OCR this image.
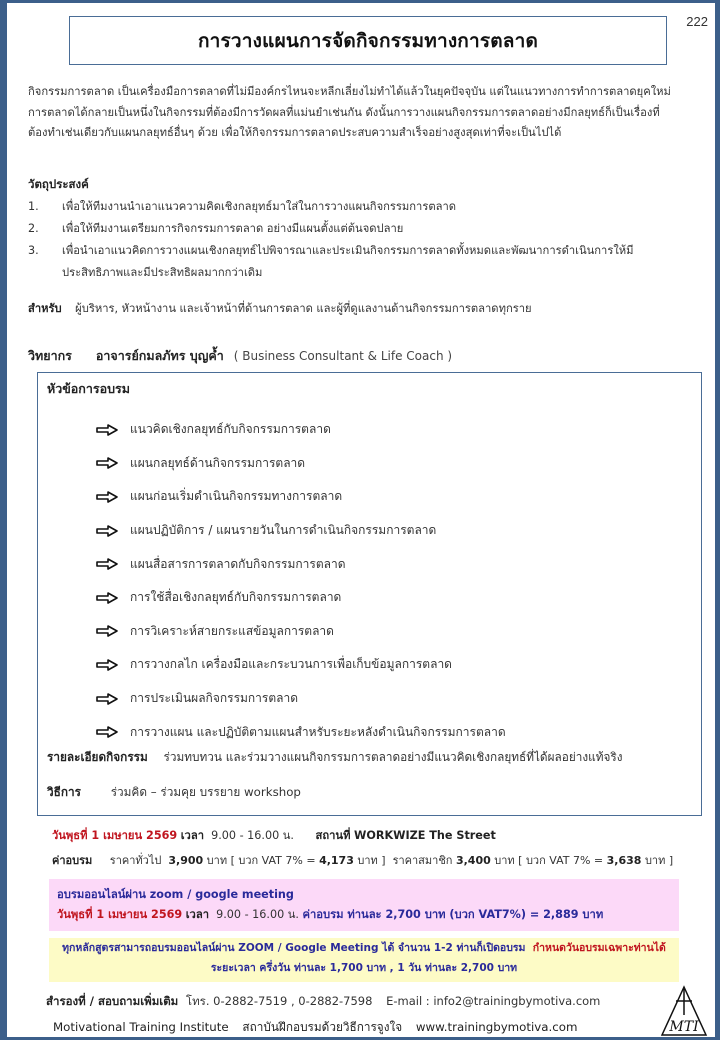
222
การวางแผนการจัดกิจกรรมทางการตลาด
กิจกรรมการตลาด เป็นเครื่องมือการตลาดที่ไม่มีองค์กรไหนจะหลีกเลี่ยงไม่ทำได้แล้วในยุคปัจจุบัน แต่ในแนวทางการทำการตลาดยุคใหม่
การตลาดได้กลายเป็นหนึ่งในกิจกรรมที่ต้องมีการวัดผลที่แม่นยำเช่นกัน ดังนั้นการวางแผนกิจกรรมการตลาดอย่างมีกลยุทธ์ก็เป็นเรื่องที่
ต้องทำเช่นเดียวกับแผนกลยุทธ์อื่นๆ ด้วย เพื่อให้กิจกรรมการตลาดประสบความสำเร็จอย่างสูงสุดเท่าที่จะเป็นไปได้
วัตถุประสงค์
1.	เพื่อให้ทีมงานนำเอาแนวความคิดเชิงกลยุทธ์มาใส่ในการวางแผนกิจกรรมการตลาด
2.	เพื่อให้ทีมงานเตรียมการกิจกรรมการตลาด อย่างมีแผนตั้งแต่ต้นจดปลาย
3.	เพื่อนำเอาแนวคิดการวางแผนเชิงกลยุทธ์ไปพิจารณาและประเมินกิจกรรมการตลาดทั้งหมดและพัฒนาการดำเนินการให้มี
ประสิทธิภาพและมีประสิทธิผลมากกว่าเดิม
สำหรับ ผู้บริหาร, หัวหน้างาน และเจ้าหน้าที่ด้านการตลาด และผู้ที่ดูแลงานด้านกิจกรรมการตลาดทุกราย
วิทยากร อาจารย์กมลภัทร บุญค้ำ ( Business Consultant & Life Coach )
หัวข้อการอบรม
แนวคิดเชิงกลยุทธ์กับกิจกรรมการตลาด
แผนกลยุทธ์ด้านกิจกรรมการตลาด
แผนก่อนเริ่มดำเนินกิจกรรมทางการตลาด
แผนปฏิบัติการ / แผนรายวันในการดำเนินกิจกรรมการตลาด
แผนสื่อสารการตลาดกับกิจกรรมการตลาด
การใช้สื่อเชิงกลยุทธ์กับกิจกรรมการตลาด
การวิเคราะห์สายกระแสข้อมูลการตลาด
การวางกลไก เครื่องมือและกระบวนการเพื่อเก็บข้อมูลการตลาด
การประเมินผลกิจกรรมการตลาด
การวางแผน และปฏิบัติตามแผนสำหรับระยะหลังดำเนินกิจกรรมการตลาด
รายละเอียดกิจกรรม ร่วมทบทวน และร่วมวางแผนกิจกรรมการตลาดอย่างมีแนวคิดเชิงกลยุทธ์ที่ได้ผลอย่างแท้จริง
วิธีการ	ร่วมคิด – ร่วมคุย บรรยาย workshop
วันพุธที่ 1 เมษายน 2569 เวลา 9.00 - 16.00 น. สถานที่ WORKWIZE The Street
ค่าอบรม ราคาทั่วไป 3,900 บาท [ บวก VAT 7% = 4,173 บาท ] ราคาสมาชิก 3,400 บาท [ บวก VAT 7% = 3,638 บาท ]
อบรมออนไลน์ผ่าน zoom / google meeting
วันพุธที่ 1 เมษายน 2569 เวลา 9.00 - 16.00 น. ค่าอบรม ท่านละ 2,700 บาท (บวก VAT7%) = 2,889 บาท
ทุกหลักสูตรสามารถอบรมออนไลน์ผ่าน ZOOM / Google Meeting ได้ จำนวน 1-2 ท่านก็เปิดอบรม กำหนดวันอบรมเฉพาะท่านได้
ระยะเวลา ครึ่งวัน ท่านละ 1,700 บาท , 1 วัน ท่านละ 2,700 บาท
สำรองที่ / สอบถามเพิ่มเติม โทร. 0-2882-7519 , 0-2882-7598 E-mail : info2@trainingbymotiva.com
Motivational Training Institute สถาบันฝึกอบรมด้วยวิธีการจูงใจ www.trainingbymotiva.com	MTI
